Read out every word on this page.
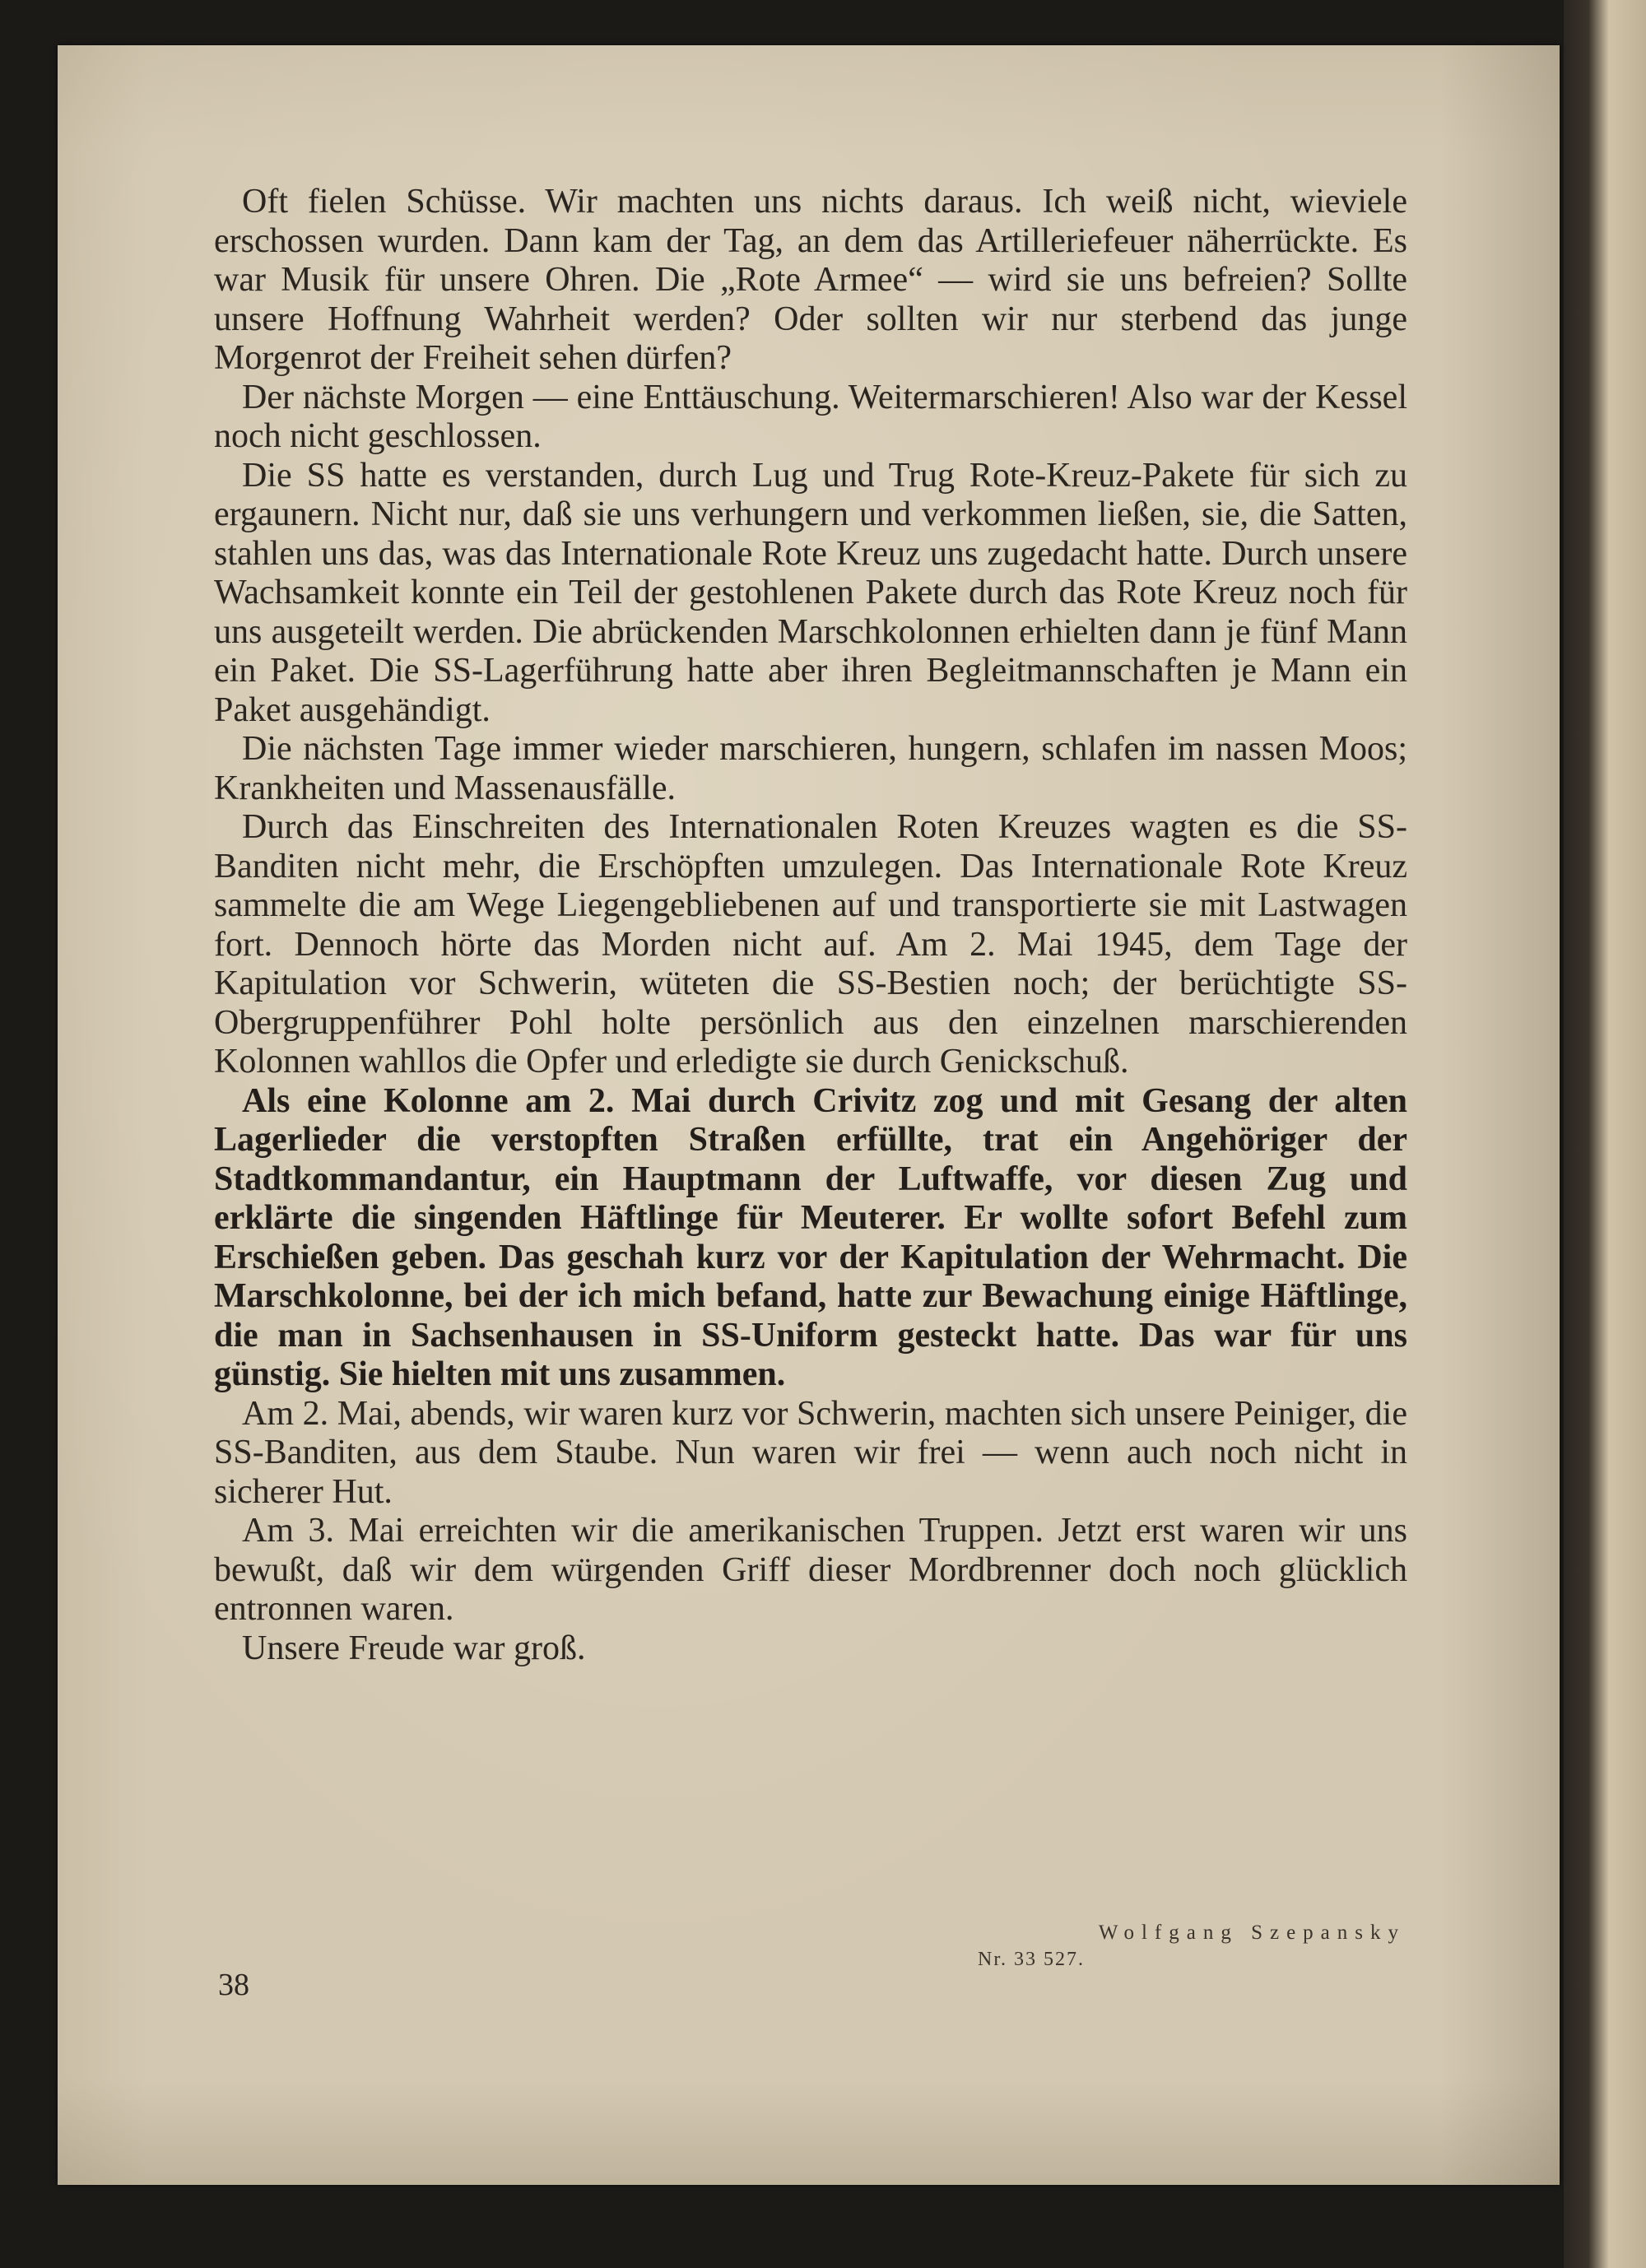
Oft fielen Schüsse. Wir machten uns nichts daraus. Ich weiß nicht, wieviele erschossen wurden. Dann kam der Tag, an dem das Artilleriefeuer näherrückte. Es war Musik für unsere Ohren. Die „Rote Armee“ — wird sie uns befreien? Sollte unsere Hoffnung Wahrheit werden? Oder sollten wir nur sterbend das junge Morgenrot der Freiheit sehen dürfen?

Der nächste Morgen — eine Enttäuschung. Weitermarschieren! Also war der Kessel noch nicht geschlossen.

Die SS hatte es verstanden, durch Lug und Trug Rote-Kreuz-Pakete für sich zu ergaunern. Nicht nur, daß sie uns verhungern und verkommen ließen, sie, die Satten, stahlen uns das, was das Internationale Rote Kreuz uns zugedacht hatte. Durch unsere Wachsamkeit konnte ein Teil der gestohlenen Pakete durch das Rote Kreuz noch für uns ausgeteilt werden. Die abrückenden Marschkolonnen erhielten dann je fünf Mann ein Paket. Die SS-Lagerführung hatte aber ihren Begleitmannschaften je Mann ein Paket ausgehändigt.

Die nächsten Tage immer wieder marschieren, hungern, schlafen im nassen Moos; Krankheiten und Massenausfälle.

Durch das Einschreiten des Internationalen Roten Kreuzes wagten es die SS-Banditen nicht mehr, die Erschöpften umzulegen. Das Internationale Rote Kreuz sammelte die am Wege Liegengebliebenen auf und transportierte sie mit Lastwagen fort. Dennoch hörte das Morden nicht auf. Am 2. Mai 1945, dem Tage der Kapitulation vor Schwerin, wüteten die SS-Bestien noch; der berüchtigte SS-Obergruppenführer Pohl holte persönlich aus den einzelnen marschierenden Kolonnen wahllos die Opfer und erledigte sie durch Genickschuß.

Als eine Kolonne am 2. Mai durch Crivitz zog und mit Gesang der alten Lagerlieder die verstopften Straßen erfüllte, trat ein Angehöriger der Stadtkommandantur, ein Hauptmann der Luftwaffe, vor diesen Zug und erklärte die singenden Häftlinge für Meuterer. Er wollte sofort Befehl zum Erschießen geben. Das geschah kurz vor der Kapitulation der Wehrmacht. Die Marschkolonne, bei der ich mich befand, hatte zur Bewachung einige Häftlinge, die man in Sachsenhausen in SS-Uniform gesteckt hatte. Das war für uns günstig. Sie hielten mit uns zusammen.

Am 2. Mai, abends, wir waren kurz vor Schwerin, machten sich unsere Peiniger, die SS-Banditen, aus dem Staube. Nun waren wir frei — wenn auch noch nicht in sicherer Hut.

Am 3. Mai erreichten wir die amerikanischen Truppen. Jetzt erst waren wir uns bewußt, daß wir dem würgenden Griff dieser Mordbrenner doch noch glücklich entronnen waren.

Unsere Freude war groß.

Wolfgang Szepansky
Nr. 33 527.
38
